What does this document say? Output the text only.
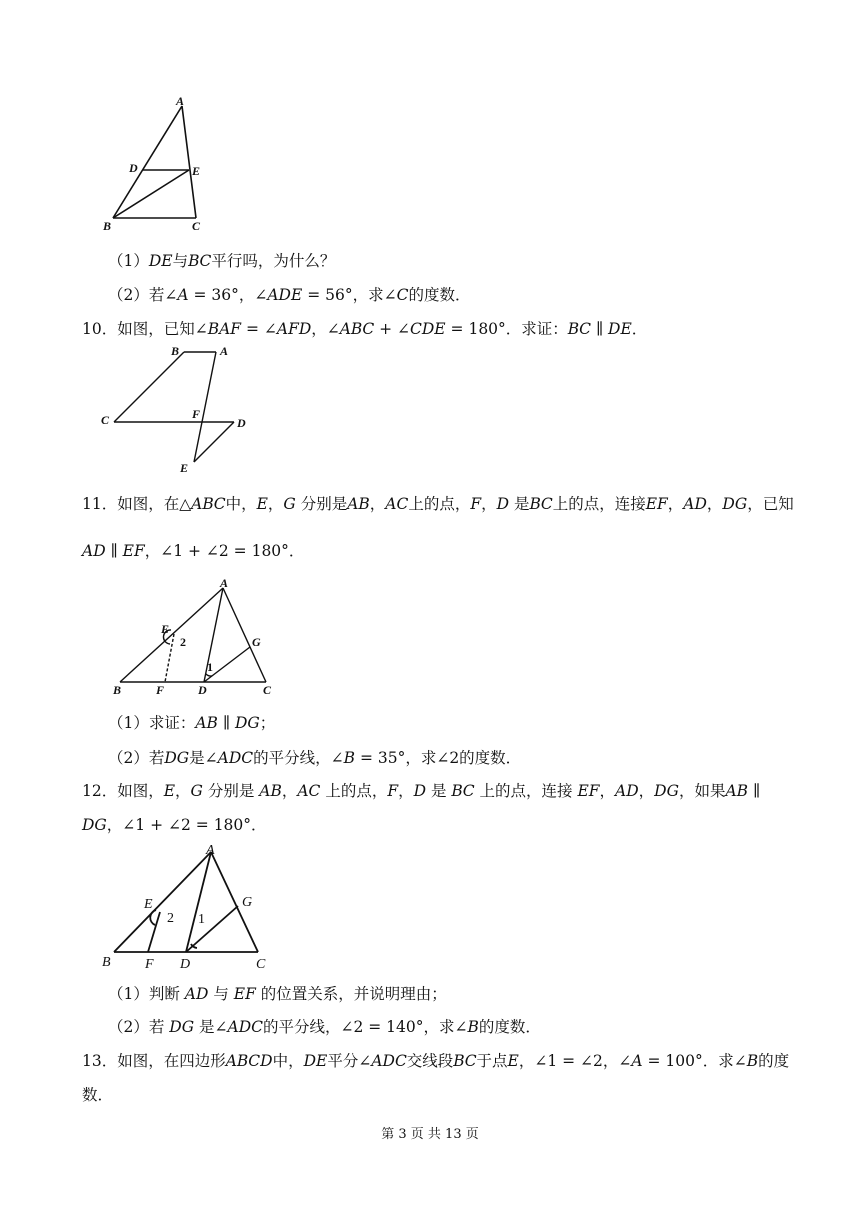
A
D	E
B	C
（1）𝐷𝐸与𝐵𝐶平行吗，为什么？
（2）若∠𝐴 = 36°，∠𝐴𝐷𝐸 = 56°，求∠𝐶的度数．
10．如图，已知∠𝐵𝐴𝐹 = ∠𝐴𝐹𝐷，∠𝐴𝐵𝐶 + ∠𝐶𝐷𝐸 = 180°．求证：𝐵𝐶 ∥ 𝐷𝐸．
B	A
C	F
D
E
11．如图，在△𝐴𝐵𝐶中，𝐸，𝐺 分别是𝐴𝐵，𝐴𝐶上的点，𝐹，𝐷 是𝐵𝐶上的点，连接𝐸𝐹，𝐴𝐷，𝐷𝐺，已知
𝐴𝐷 ∥ 𝐸𝐹，∠1 + ∠2 = 180°．
A
E
2
1
G
B	F	D	C
（1）求证：𝐴𝐵 ∥ 𝐷𝐺；
（2）若𝐷𝐺是∠𝐴𝐷𝐶的平分线，∠𝐵 = 35°，求∠2的度数．
12．如图，𝐸，𝐺 分别是 𝐴𝐵，𝐴𝐶 上的点，𝐹，𝐷 是 𝐵𝐶 上的点，连接 𝐸𝐹，𝐴𝐷，𝐷𝐺，如果𝐴𝐵 ∥
𝐷𝐺，∠1 + ∠2 = 180°．
A
E
2 1
G
B F D	C
（1）判断 𝐴𝐷 与 𝐸𝐹 的位置关系，并说明理由；
（2）若 𝐷𝐺 是∠𝐴𝐷𝐶的平分线，∠2 = 140°，求∠𝐵的度数．
13．如图，在四边形𝐴𝐵𝐶𝐷中，𝐷𝐸平分∠𝐴𝐷𝐶交线段𝐵𝐶于点𝐸，∠1 = ∠2，∠𝐴 = 100°．求∠𝐵的度
数．
第 3 页 共 13 页
